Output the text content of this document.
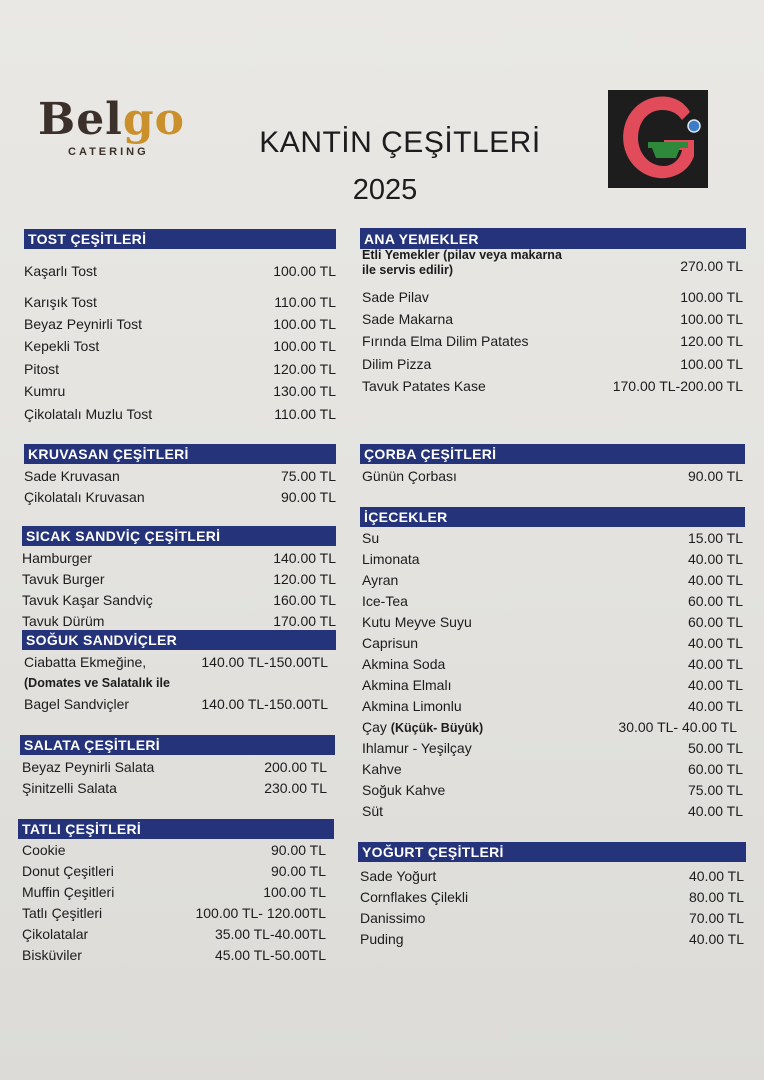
Belgo
CATERING	KANTİN ÇEŞİTLERİ
2025
TOST ÇEŞİTLERİ
Kaşarlı Tost	100.00 TL
Karışık Tost	110.00 TL
Beyaz Peynirli Tost	100.00 TL
Kepekli Tost	100.00 TL
Pitost	120.00 TL
Kumru	130.00 TL
Çikolatalı Muzlu Tost	110.00 TL
KRUVASAN ÇEŞİTLERİ
Sade Kruvasan	75.00 TL
Çikolatalı Kruvasan	90.00 TL
SICAK SANDVİÇ ÇEŞİTLERİ
Hamburger	140.00 TL
Tavuk Burger	120.00 TL
Tavuk Kaşar Sandviç	160.00 TL
Tavuk Dürüm	170.00 TL
SOĞUK SANDVİÇLER
Ciabatta Ekmeğine,	140.00 TL-150.00TL
(Domates ve Salatalık ile
Bagel Sandviçler	140.00 TL-150.00TL
SALATA ÇEŞİTLERİ
Beyaz Peynirli Salata	200.00 TL
Şinitzelli Salata	230.00 TL
TATLI ÇEŞİTLERİ
Cookie	90.00 TL
Donut Çeşitleri	90.00 TL
Muffin Çeşitleri	100.00 TL
Tatlı Çeşitleri	100.00 TL- 120.00TL
Çikolatalar	35.00 TL-40.00TL
Bisküviler	45.00 TL-50.00TL
ANA YEMEKLER
Etli Yemekler (pilav veya makarna
ile servis edilir)	270.00 TL
Sade Pilav	100.00 TL
Sade Makarna	100.00 TL
Fırında Elma Dilim Patates	120.00 TL
Dilim Pizza	100.00 TL
Tavuk Patates Kase	170.00 TL-200.00 TL
ÇORBA ÇEŞİTLERİ
Günün Çorbası	90.00 TL
İÇECEKLER
Su	15.00 TL
Limonata	40.00 TL
Ayran	40.00 TL
Ice-Tea	60.00 TL
Kutu Meyve Suyu	60.00 TL
Caprisun	40.00 TL
Akmina Soda	40.00 TL
Akmina Elmalı	40.00 TL
Akmina Limonlu	40.00 TL
Çay (Küçük- Büyük)	30.00 TL- 40.00 TL
Ihlamur - Yeşilçay	50.00 TL
Kahve	60.00 TL
Soğuk Kahve	75.00 TL
Süt	40.00 TL
YOĞURT ÇEŞİTLERİ
Sade Yoğurt	40.00 TL
Cornflakes Çilekli	80.00 TL
Danissimo	70.00 TL
Puding	40.00 TL
